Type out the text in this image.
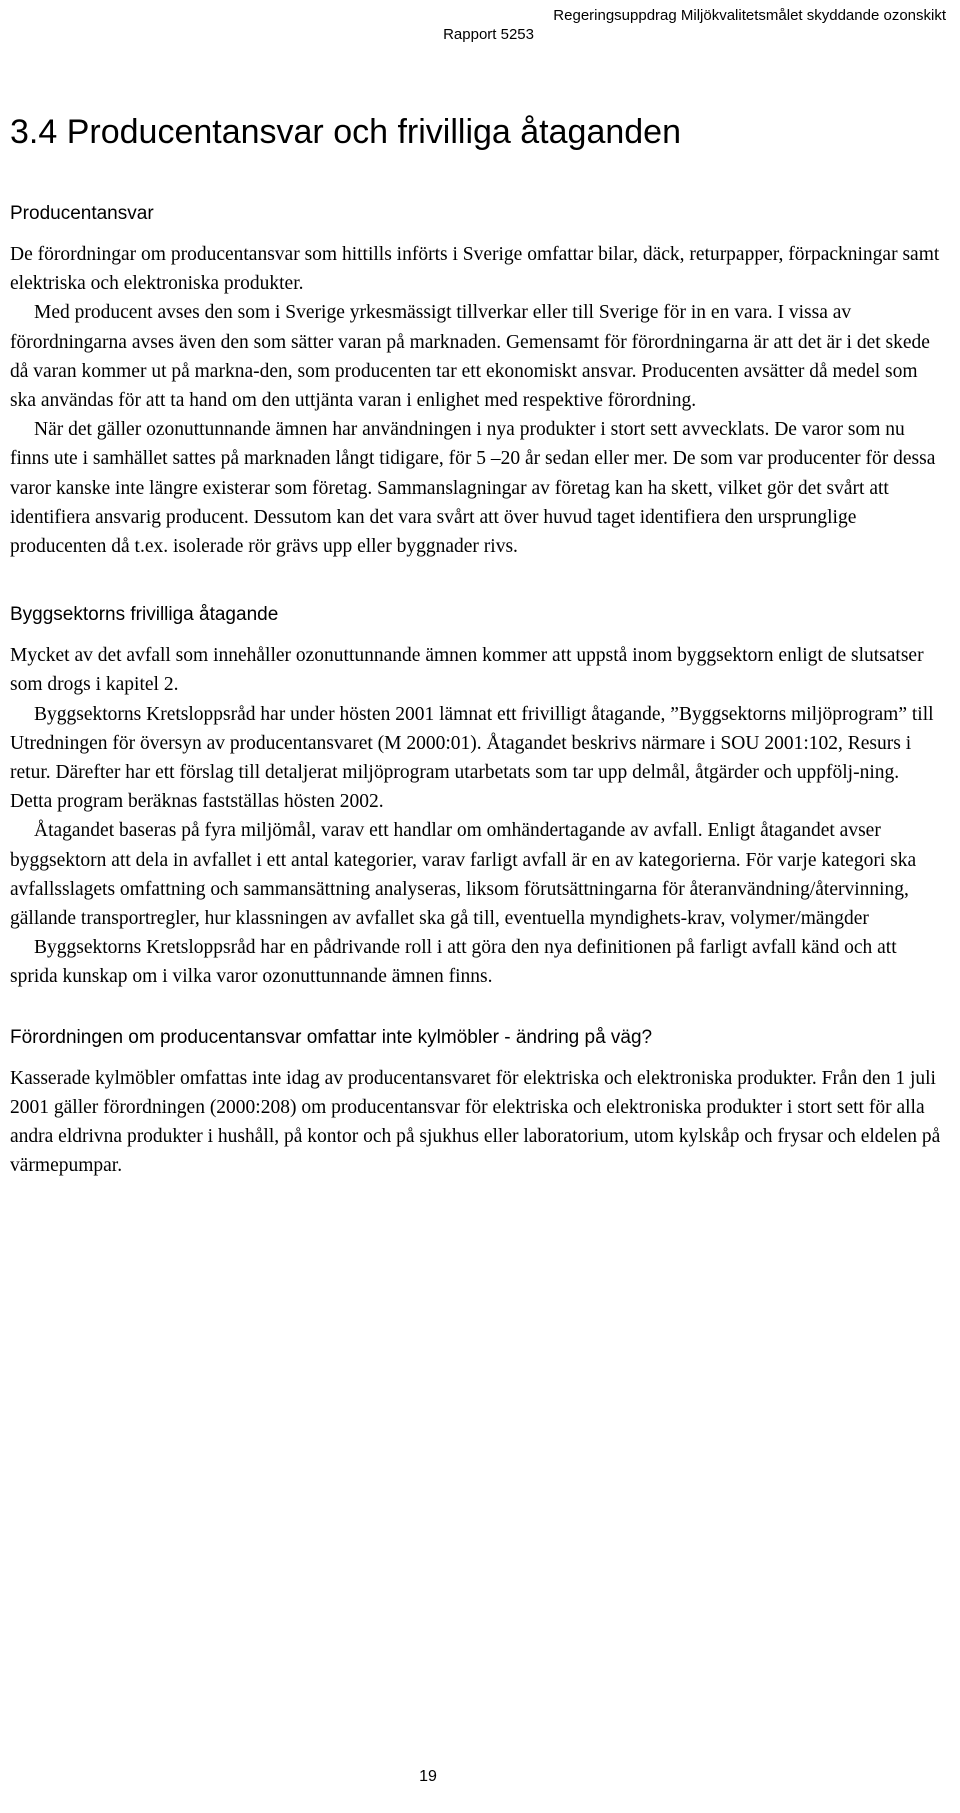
Regeringsuppdrag Miljökvalitetsmålet skyddande ozonskikt
Rapport 5253
3.4 Producentansvar och frivilliga åtaganden
Producentansvar

De förordningar om producentansvar som hittills införts i Sverige omfattar bilar, däck, returpapper, förpackningar samt elektriska och elektroniska produkter.

Med producent avses den som i Sverige yrkesmässigt tillverkar eller till Sverige för in en vara. I vissa av förordningarna avses även den som sätter varan på marknaden. Gemensamt för förordningarna är att det är i det skede då varan kommer ut på markna-den, som producenten tar ett ekonomiskt ansvar. Producenten avsätter då medel som ska användas för att ta hand om den uttjänta varan i enlighet med respektive förordning.

När det gäller ozonuttunnande ämnen har användningen i nya produkter i stort sett avvecklats. De varor som nu finns ute i samhället sattes på marknaden långt tidigare, för 5 –20 år sedan eller mer. De som var producenter för dessa varor kanske inte längre existerar som företag. Sammanslagningar av företag kan ha skett, vilket gör det svårt att identifiera ansvarig producent. Dessutom kan det vara svårt att över huvud taget identifiera den ursprunglige producenten då t.ex. isolerade rör grävs upp eller byggnader rivs.

Byggsektorns frivilliga åtagande

Mycket av det avfall som innehåller ozonuttunnande ämnen kommer att uppstå inom byggsektorn enligt de slutsatser som drogs i kapitel 2.

Byggsektorns Kretsloppsråd har under hösten 2001 lämnat ett frivilligt åtagande, ”Byggsektorns miljöprogram” till Utredningen för översyn av producentansvaret (M 2000:01). Åtagandet beskrivs närmare i SOU 2001:102, Resurs i retur. Därefter har ett förslag till detaljerat miljöprogram utarbetats som tar upp delmål, åtgärder och uppfölj-ning. Detta program beräknas fastställas hösten 2002.

Åtagandet baseras på fyra miljömål, varav ett handlar om omhändertagande av avfall. Enligt åtagandet avser byggsektorn att dela in avfallet i ett antal kategorier, varav farligt avfall är en av kategorierna. För varje kategori ska avfallsslagets omfattning och sammansättning analyseras, liksom förutsättningarna för återanvändning/återvinning, gällande transportregler, hur klassningen av avfallet ska gå till, eventuella myndighets-krav, volymer/mängder

Byggsektorns Kretsloppsråd har en pådrivande roll i att göra den nya definitionen på farligt avfall känd och att sprida kunskap om i vilka varor ozonuttunnande ämnen finns.

Förordningen om producentansvar omfattar inte kylmöbler - ändring på väg?

Kasserade kylmöbler omfattas inte idag av producentansvaret för elektriska och elektroniska produkter. Från den 1 juli 2001 gäller förordningen (2000:208) om producentansvar för elektriska och elektroniska produkter i stort sett för alla andra eldrivna produkter i hushåll, på kontor och på sjukhus eller laboratorium, utom kylskåp och frysar och eldelen på värmepumpar.

19
